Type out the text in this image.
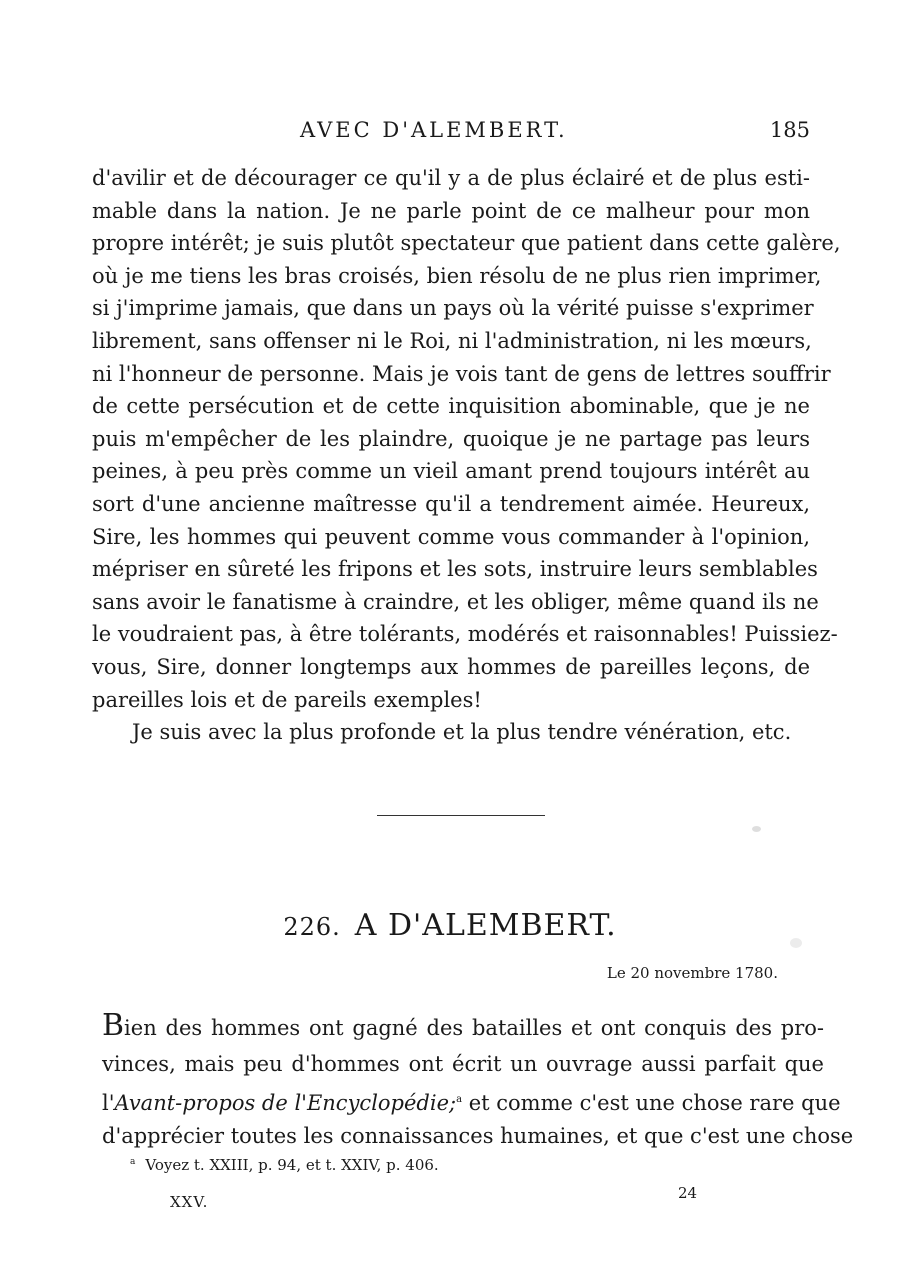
AVEC D'ALEMBERT.	185
d'avilir et de décourager ce qu'il y a de plus éclairé et de plus esti-
mable dans la nation. Je ne parle point de ce malheur pour mon
propre intérêt; je suis plutôt spectateur que patient dans cette galère,
où je me tiens les bras croisés, bien résolu de ne plus rien imprimer,
si j'imprime jamais, que dans un pays où la vérité puisse s'exprimer
librement, sans offenser ni le Roi, ni l'administration, ni les mœurs,
ni l'honneur de personne. Mais je vois tant de gens de lettres souffrir
de cette persécution et de cette inquisition abominable, que je ne
puis m'empêcher de les plaindre, quoique je ne partage pas leurs
peines, à peu près comme un vieil amant prend toujours intérêt au
sort d'une ancienne maîtresse qu'il a tendrement aimée. Heureux,
Sire, les hommes qui peuvent comme vous commander à l'opinion,
mépriser en sûreté les fripons et les sots, instruire leurs semblables
sans avoir le fanatisme à craindre, et les obliger, même quand ils ne
le voudraient pas, à être tolérants, modérés et raisonnables! Puissiez-
vous, Sire, donner longtemps aux hommes de pareilles leçons, de
pareilles lois et de pareils exemples!
Je suis avec la plus profonde et la plus tendre vénération, etc.
226. A D'ALEMBERT.
Le 20 novembre 1780.
Bien des hommes ont gagné des batailles et ont conquis des pro-
vinces, mais peu d'hommes ont écrit un ouvrage aussi parfait que
l'Avant-propos de l'Encyclopédie;$^a$ et comme c'est une chose rare que
d'apprécier toutes les connaissances humaines, et que c'est une chose
$^a$ Voyez t. XXIII, p. 94, et t. XXIV, p. 406.
XXV.	24
